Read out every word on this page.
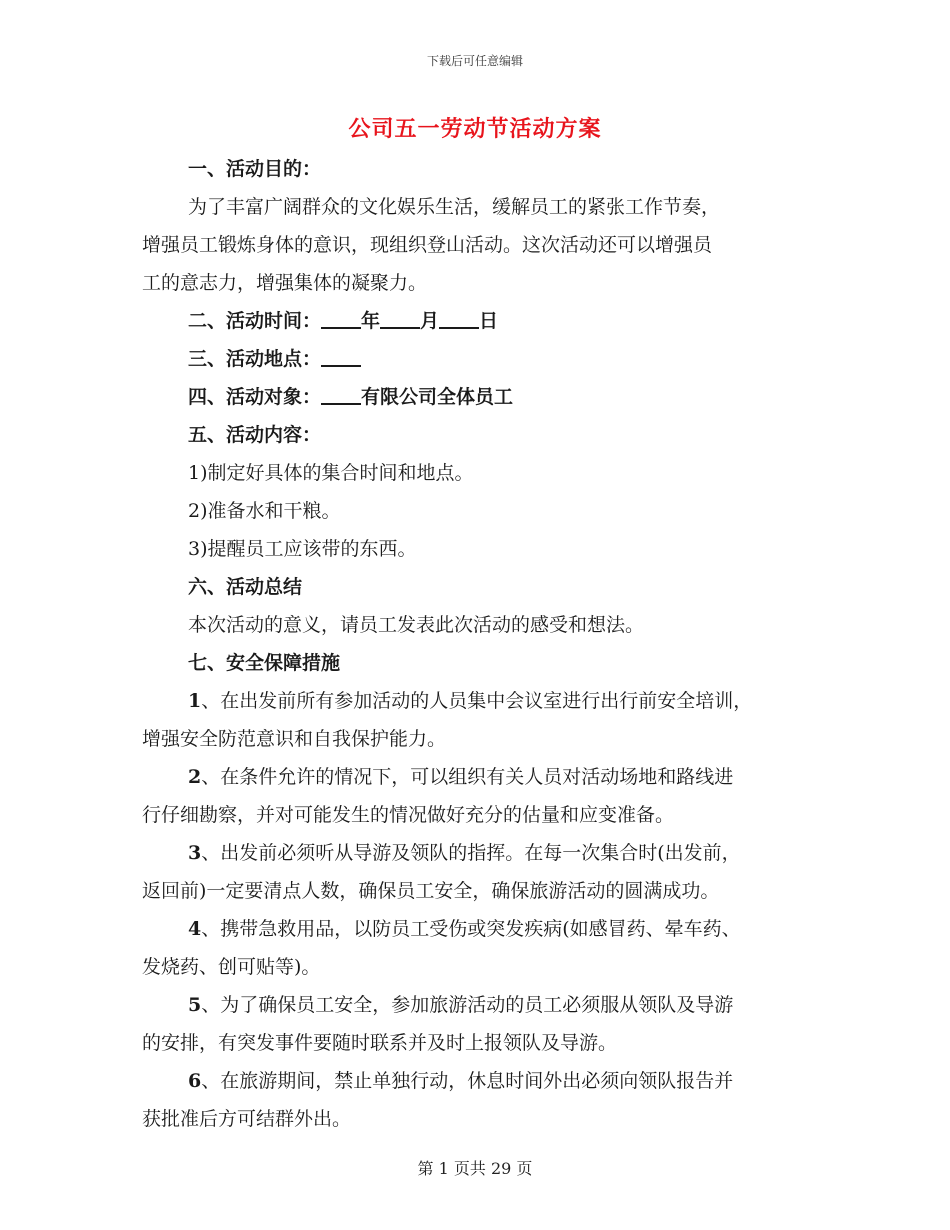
下载后可任意编辑
公司五一劳动节活动方案
一、活动目的：
为了丰富广阔群众的文化娱乐生活，缓解员工的紧张工作节奏，
增强员工锻炼身体的意识，现组织登山活动。这次活动还可以增强员
工的意志力，增强集体的凝聚力。
二、活动时间： 年 月 日
三、活动地点：
四、活动对象： 有限公司全体员工
五、活动内容：
1)制定好具体的集合时间和地点。
2)准备水和干粮。
3)提醒员工应该带的东西。
六、活动总结
本次活动的意义，请员工发表此次活动的感受和想法。
七、安全保障措施
1、在出发前所有参加活动的人员集中会议室进行出行前安全培训，
增强安全防范意识和自我保护能力。
2、在条件允许的情况下，可以组织有关人员对活动场地和路线进
行仔细勘察，并对可能发生的情况做好充分的估量和应变准备。
3、出发前必须听从导游及领队的指挥。在每一次集合时(出发前，
返回前)一定要清点人数，确保员工安全，确保旅游活动的圆满成功。
4、携带急救用品，以防员工受伤或突发疾病(如感冒药、晕车药、
发烧药、创可贴等)。
5、为了确保员工安全，参加旅游活动的员工必须服从领队及导游
的安排，有突发事件要随时联系并及时上报领队及导游。
6、在旅游期间，禁止单独行动，休息时间外出必须向领队报告并
获批准后方可结群外出。
第 1 页共 29 页
